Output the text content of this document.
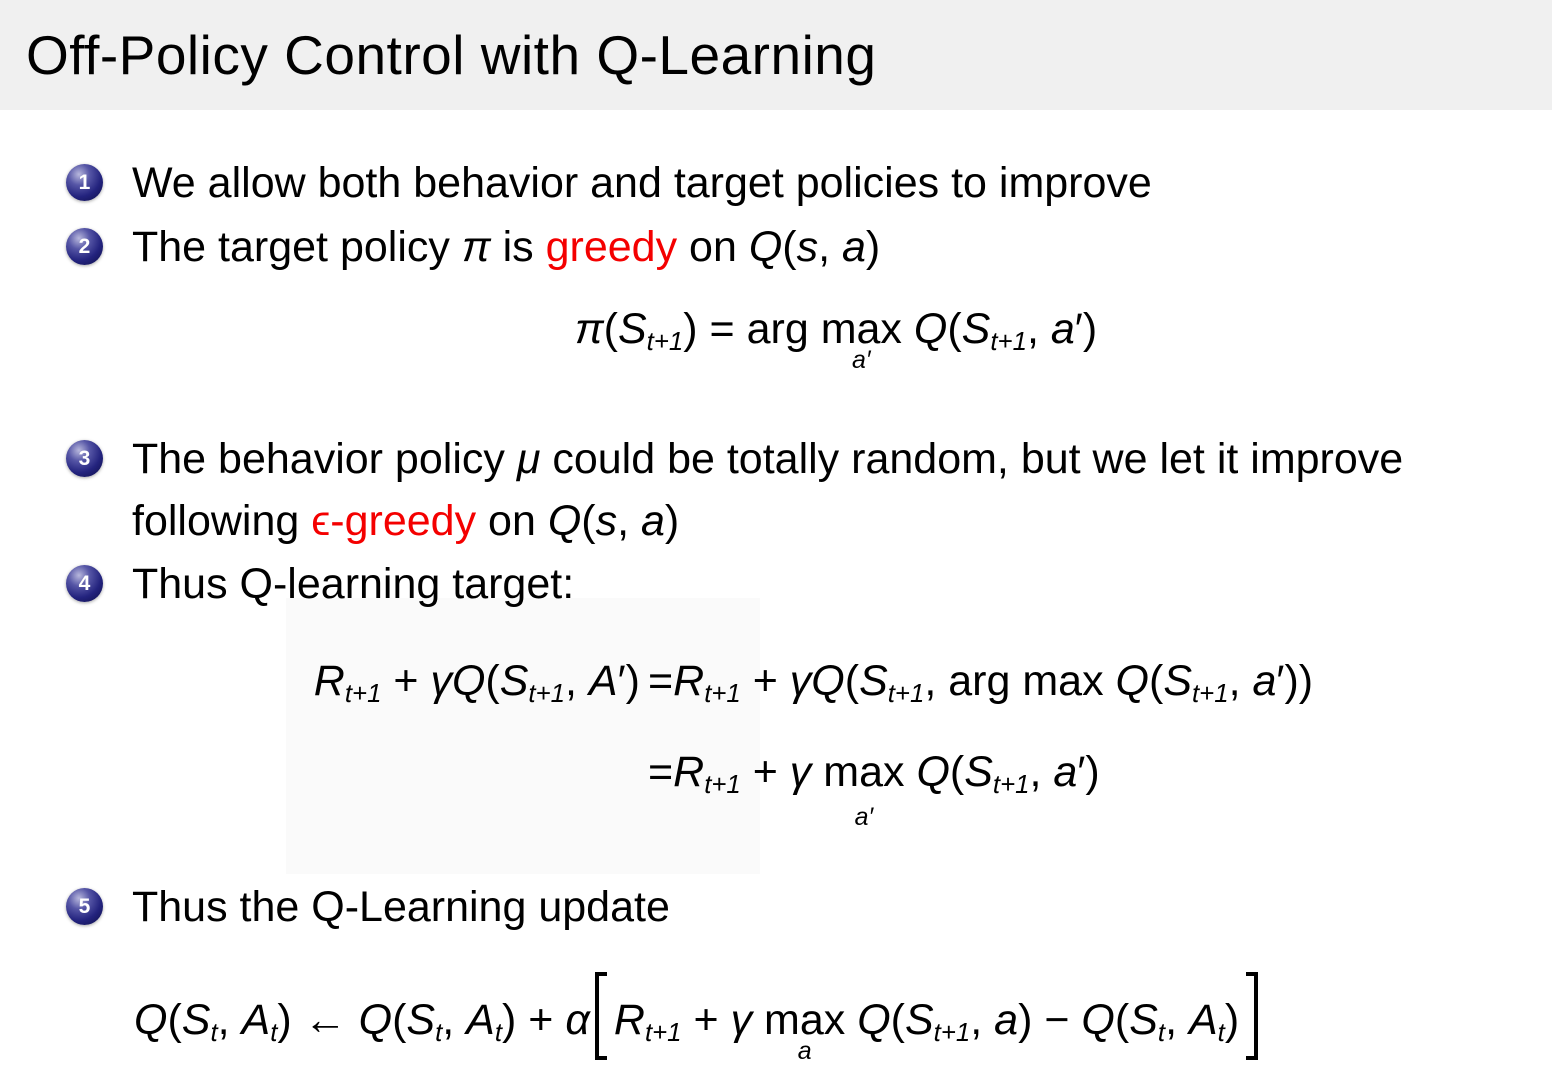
Off-Policy Control with Q-Learning
1 We allow both behavior and target policies to improve
2 The target policy π is greedy on Q(s, a)
π(St+1) = arg max
a′
Q(St+1, a′)
3 The behavior policy μ could be totally random, but we let it improve
following ϵ-greedy on Q(s, a)
4 Thus Q-learning target:
Rt+1 + γQ(St+1, A′) =Rt+1 + γQ(St+1, arg max Q(St+1, a′))
=Rt+1 + γ max
a′
Q(St+1, a′)
5 Thus the Q-Learning update
Q(St, At) ← Q(St, At) + α Rt+1 + γ max
a
Q(St+1, a) − Q(St, At)
